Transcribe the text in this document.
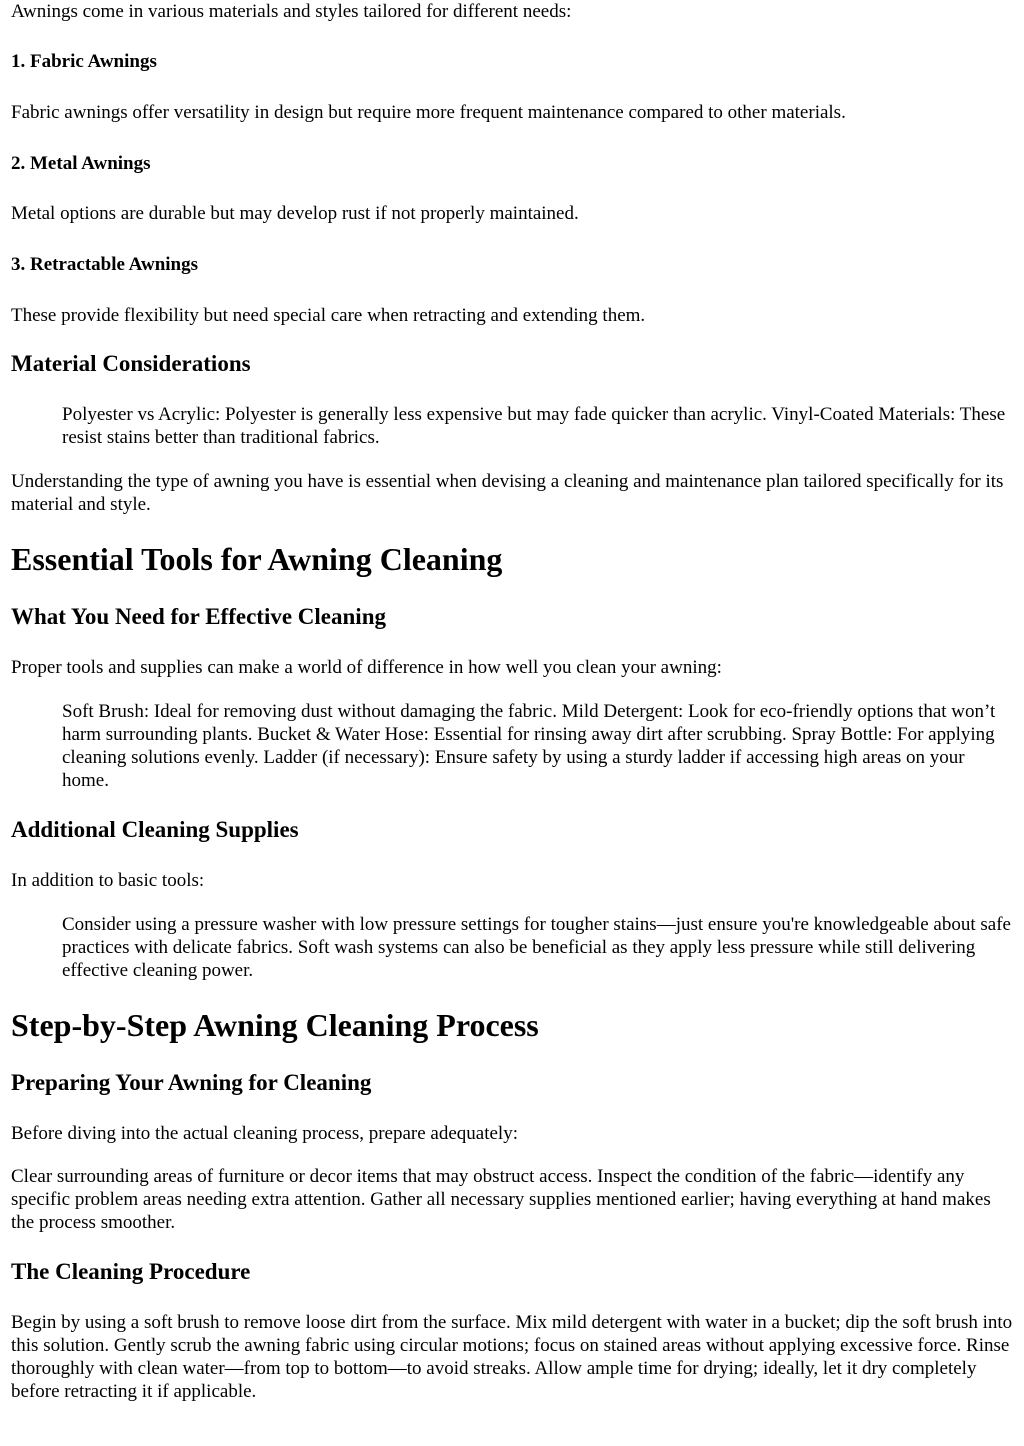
Awnings come in various materials and styles tailored for different needs:

1. Fabric Awnings

Fabric awnings offer versatility in design but require more frequent maintenance compared to other materials.

2. Metal Awnings

Metal options are durable but may develop rust if not properly maintained.

3. Retractable Awnings

These provide flexibility but need special care when retracting and extending them.

Material Considerations

Polyester vs Acrylic: Polyester is generally less expensive but may fade quicker than acrylic. Vinyl-Coated Materials: These resist stains better than traditional fabrics.

Understanding the type of awning you have is essential when devising a cleaning and maintenance plan tailored specifically for its material and style.

Essential Tools for Awning Cleaning
What You Need for Effective Cleaning

Proper tools and supplies can make a world of difference in how well you clean your awning:

Soft Brush: Ideal for removing dust without damaging the fabric. Mild Detergent: Look for eco-friendly options that won’t harm surrounding plants. Bucket & Water Hose: Essential for rinsing away dirt after scrubbing. Spray Bottle: For applying cleaning solutions evenly. Ladder (if necessary): Ensure safety by using a sturdy ladder if accessing high areas on your home.

Additional Cleaning Supplies

In addition to basic tools:

Consider using a pressure washer with low pressure settings for tougher stains—just ensure you're knowledgeable about safe practices with delicate fabrics. Soft wash systems can also be beneficial as they apply less pressure while still delivering effective cleaning power.

Step-by-Step Awning Cleaning Process
Preparing Your Awning for Cleaning

Before diving into the actual cleaning process, prepare adequately:

Clear surrounding areas of furniture or decor items that may obstruct access. Inspect the condition of the fabric—identify any specific problem areas needing extra attention. Gather all necessary supplies mentioned earlier; having everything at hand makes the process smoother.

The Cleaning Procedure

Begin by using a soft brush to remove loose dirt from the surface. Mix mild detergent with water in a bucket; dip the soft brush into this solution. Gently scrub the awning fabric using circular motions; focus on stained areas without applying excessive force. Rinse thoroughly with clean water—from top to bottom—to avoid streaks. Allow ample time for drying; ideally, let it dry completely before retracting it if applicable.
